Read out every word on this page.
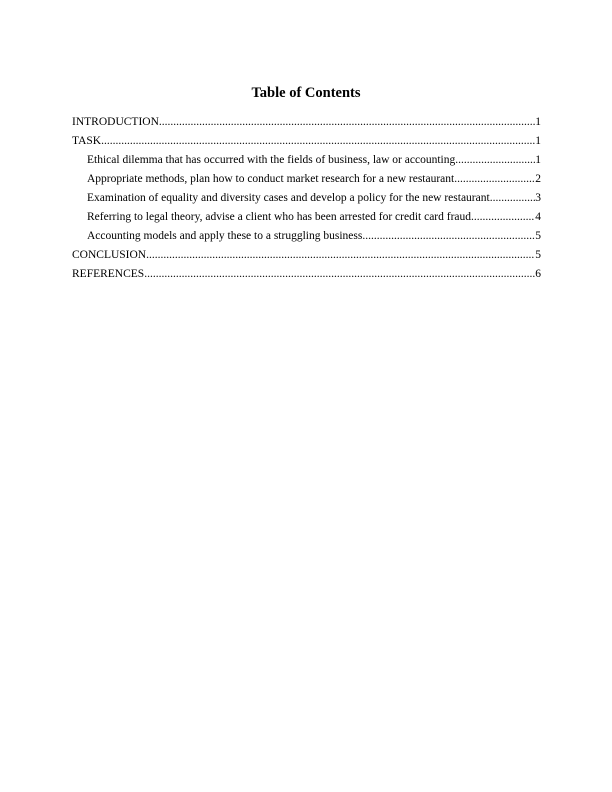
Table of Contents
INTRODUCTION .....	1
TASK .....	1
Ethical dilemma that has occurred with the fields of business, law or accounting .....	1
Appropriate methods, plan how to conduct market research for a new restaurant .....	2
Examination of equality and diversity cases and develop a policy for the new restaurant .....	3
Referring to legal theory, advise a client who has been arrested for credit card fraud .....	4
Accounting models and apply these to a struggling business .....	5
CONCLUSION .....	5
REFERENCES .....	6
